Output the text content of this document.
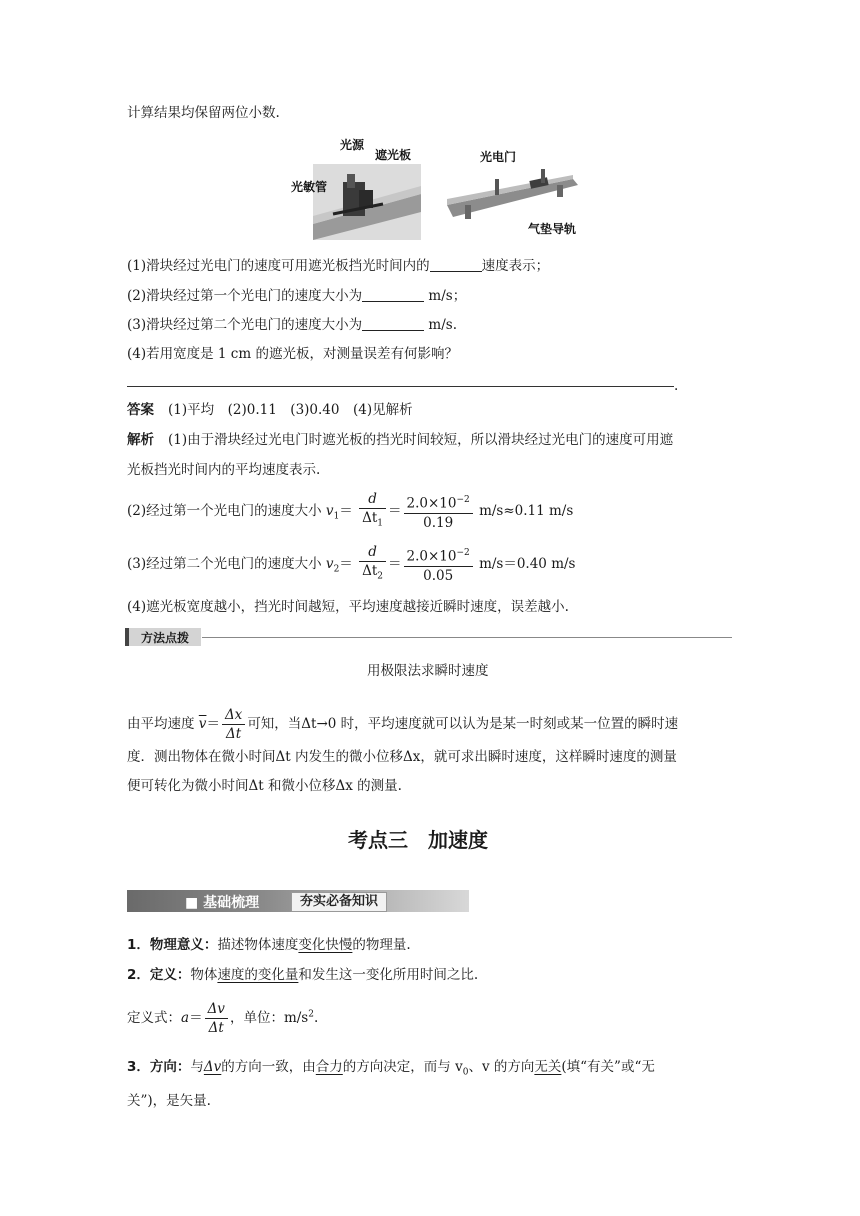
计算结果均保留两位小数.
光源
遮光板
光敏管
光电门
气垫导轨
(1)滑块经过光电门的速度可用遮光板挡光时间内的	速度表示；
(2)滑块经过第一个光电门的速度大小为	m/s；
(3)滑块经过第二个光电门的速度大小为	m/s.
(4)若用宽度是 1 cm 的遮光板，对测量误差有何影响？
.
答案 (1)平均　(2)0.11　(3)0.40　(4)见解析
解析 (1)由于滑块经过光电门时遮光板的挡光时间较短，所以滑块经过光电门的速度可用遮
光板挡光时间内的平均速度表示.
(2)经过第一个光电门的速度大小 $v_1= \frac{d}{\Delta t_1} = \frac{2.0\times 10^{-2}}{0.19} m/s\approx 0.11$ m/s
(3)经过第二个光电门的速度大小 $v_2= \frac{d}{\Delta t_2} = \frac{2.0\times 10^{-2}}{0.05} m/s=0.40$ m/s
(4)遮光板宽度越小，挡光时间越短，平均速度越接近瞬时速度，误差越小.
方法点拨
用极限法求瞬时速度
由平均速度 $\overline{v}= \frac{\Delta x}{\Delta t}$ 可知，当Δt→0 时，平均速度就可以认为是某一时刻或某一位置的瞬时速
度．测出物体在微小时间Δt 内发生的微小位移Δx，就可求出瞬时速度，这样瞬时速度的测量
便可转化为微小时间Δt 和微小位移Δx 的测量.
考点三　加速度
■ 基础梳理	夯实必备知识
1．物理意义：描述物体速度变化快慢的物理量.
2．定义：物体速度的变化量和发生这一变化所用时间之比.
定义式：$a= \frac{\Delta v}{\Delta t}$ ，单位：$m/s^2$.
3．方向：与Δv的方向一致，由合力的方向决定，而与 $v_0$、v 的方向无关(填“有关”或“无
关”)，是矢量.
